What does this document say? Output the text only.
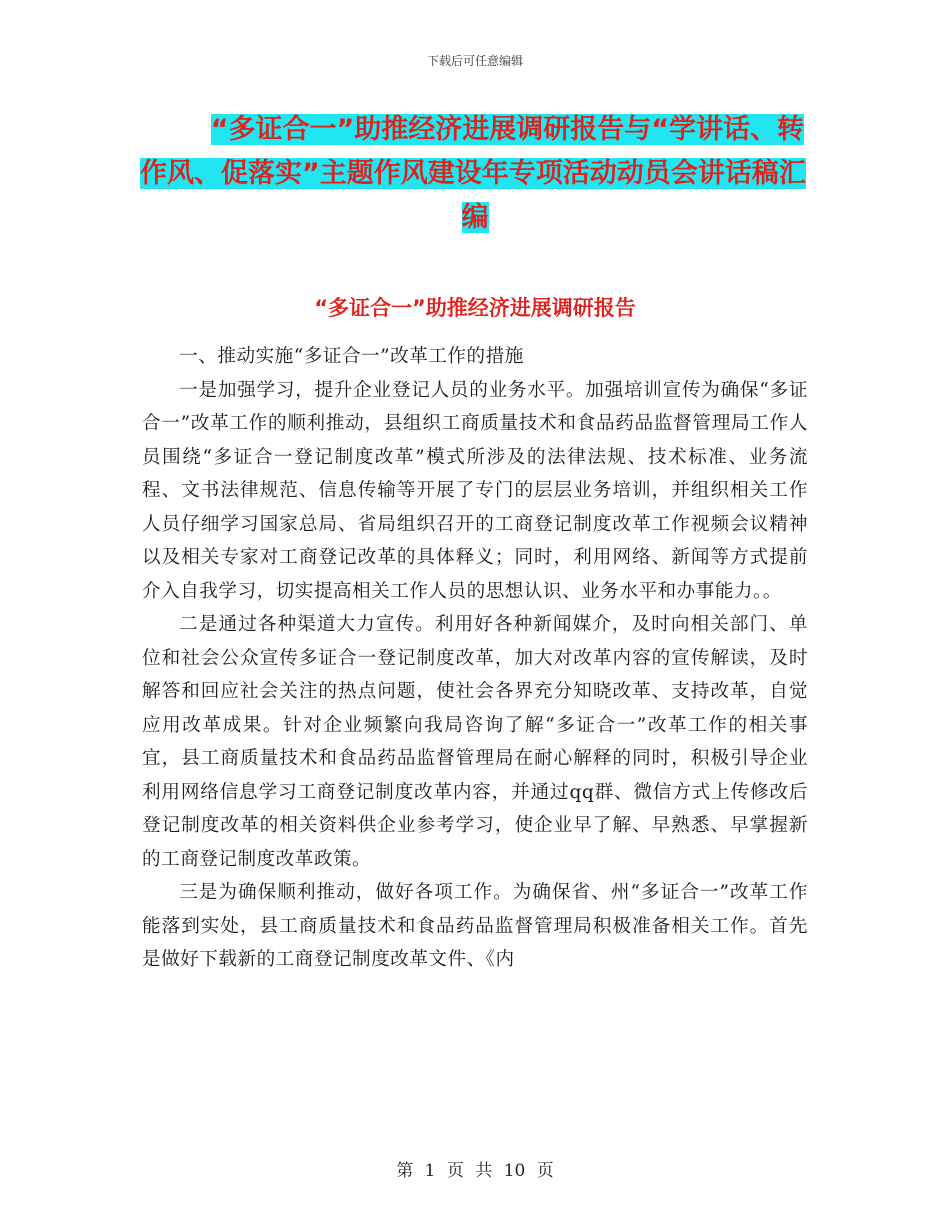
下载后可任意编辑
“多证合一”助推经济进展调研报告与“学讲话、转
作风、促落实”主题作风建设年专项活动动员会讲话稿汇
编
“多证合一”助推经济进展调研报告

一、推动实施“多证合一”改革工作的措施

一是加强学习，提升企业登记人员的业务水平。加强培训宣传为确保“多证合一”改革工作的顺利推动，县组织工商质量技术和食品药品监督管理局工作人员围绕“多证合一登记制度改革”模式所涉及的法律法规、技术标准、业务流程、文书法律规范、信息传输等开展了专门的层层业务培训，并组织相关工作人员仔细学习国家总局、省局组织召开的工商登记制度改革工作视频会议精神以及相关专家对工商登记改革的具体释义；同时，利用网络、新闻等方式提前介入自我学习，切实提高相关工作人员的思想认识、业务水平和办事能力。。

二是通过各种渠道大力宣传。利用好各种新闻媒介，及时向相关部门、单位和社会公众宣传多证合一登记制度改革，加大对改革内容的宣传解读，及时解答和回应社会关注的热点问题，使社会各界充分知晓改革、支持改革，自觉应用改革成果。针对企业频繁向我局咨询了解“多证合一”改革工作的相关事宜，县工商质量技术和食品药品监督管理局在耐心解释的同时，积极引导企业利用网络信息学习工商登记制度改革内容，并通过qq群、微信方式上传修改后登记制度改革的相关资料供企业参考学习，使企业早了解、早熟悉、早掌握新的工商登记制度改革政策。

三是为确保顺利推动，做好各项工作。为确保省、州“多证合一”改革工作能落到实处，县工商质量技术和食品药品监督管理局积极准备相关工作。首先是做好下载新的工商登记制度改革文件、《内

第 1 页 共 10 页
